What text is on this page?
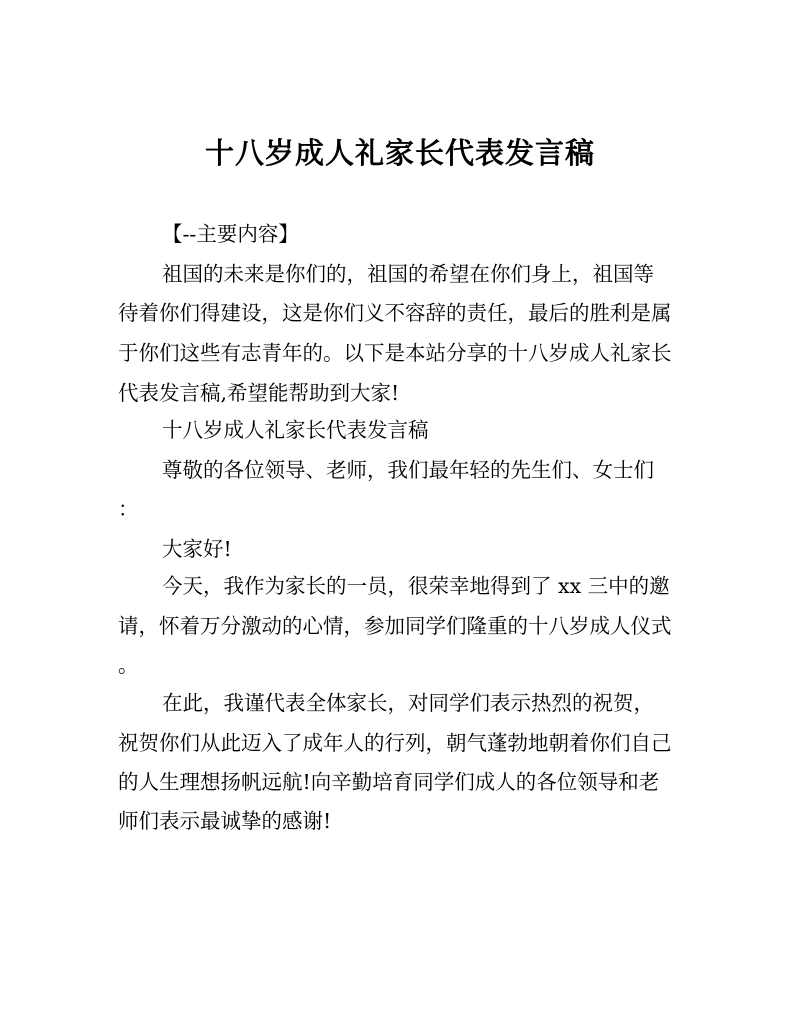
十八岁成人礼家长代表发言稿
【--主要内容】
祖国的未来是你们的，祖国的希望在你们身上，祖国等
待着你们得建设，这是你们义不容辞的责任，最后的胜利是属
于你们这些有志青年的。以下是本站分享的十八岁成人礼家长
代表发言稿,希望能帮助到大家!
十八岁成人礼家长代表发言稿
尊敬的各位领导、老师，我们最年轻的先生们、女士们
：
大家好!
今天，我作为家长的一员，很荣幸地得到了 xx 三中的邀
请，怀着万分激动的心情，参加同学们隆重的十八岁成人仪式
。
在此，我谨代表全体家长，对同学们表示热烈的祝贺，
祝贺你们从此迈入了成年人的行列，朝气蓬勃地朝着你们自己
的人生理想扬帆远航!向辛勤培育同学们成人的各位领导和老
师们表示最诚挚的感谢!
